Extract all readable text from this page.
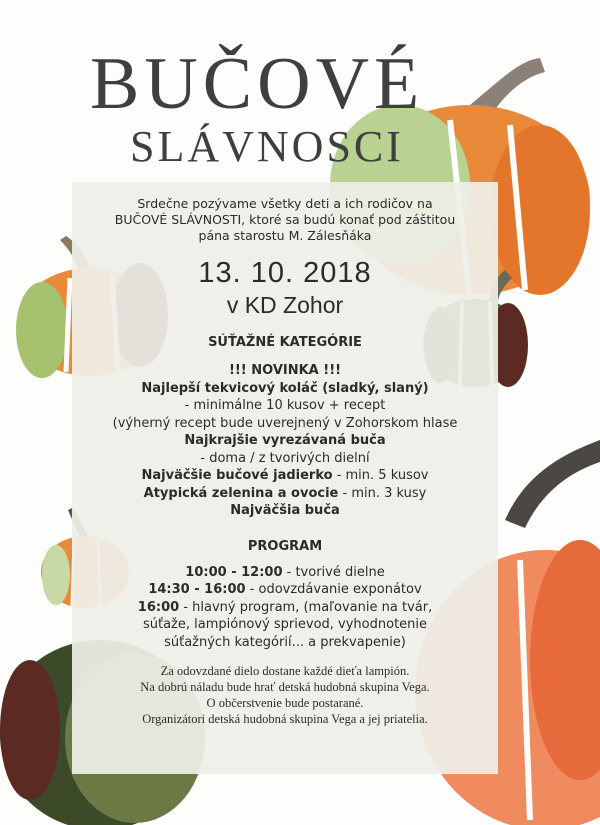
BUČOVÉ
SLÁVNOSCI
Srdečne pozývame všetky deti a ich rodičov na
BUČOVÉ SLÁVNOSTI, ktoré sa budú konať pod záštitou
pána starostu M. Zálesňáka
13. 10. 2018
v KD Zohor
SÚŤAŽNÉ KATEGÓRIE
!!! NOVINKA !!!
Najlepší tekvicový koláč (sladký, slaný)
- minimálne 10 kusov + recept
(výherný recept bude uverejnený v Zohorskom hlase
Najkrajšie vyrezávaná buča
- doma / z tvorivých dielní
Najväčšie bučové jadierko - min. 5 kusov
Atypická zelenina a ovocie - min. 3 kusy
Najväčšia buča
PROGRAM
10:00 - 12:00 - tvorivé dielne
14:30 - 16:00 - odovzdávanie exponátov
16:00 - hlavný program, (maľovanie na tvár,
súťaže, lampiónový sprievod, vyhodnotenie
súťažných kategórií... a prekvapenie)
Za odovzdané dielo dostane každé dieťa lampión.
Na dobrú náladu bude hrať detská hudobná skupina Vega.
O občerstvenie bude postarané.
Organizátori detská hudobná skupina Vega a jej priatelia.
